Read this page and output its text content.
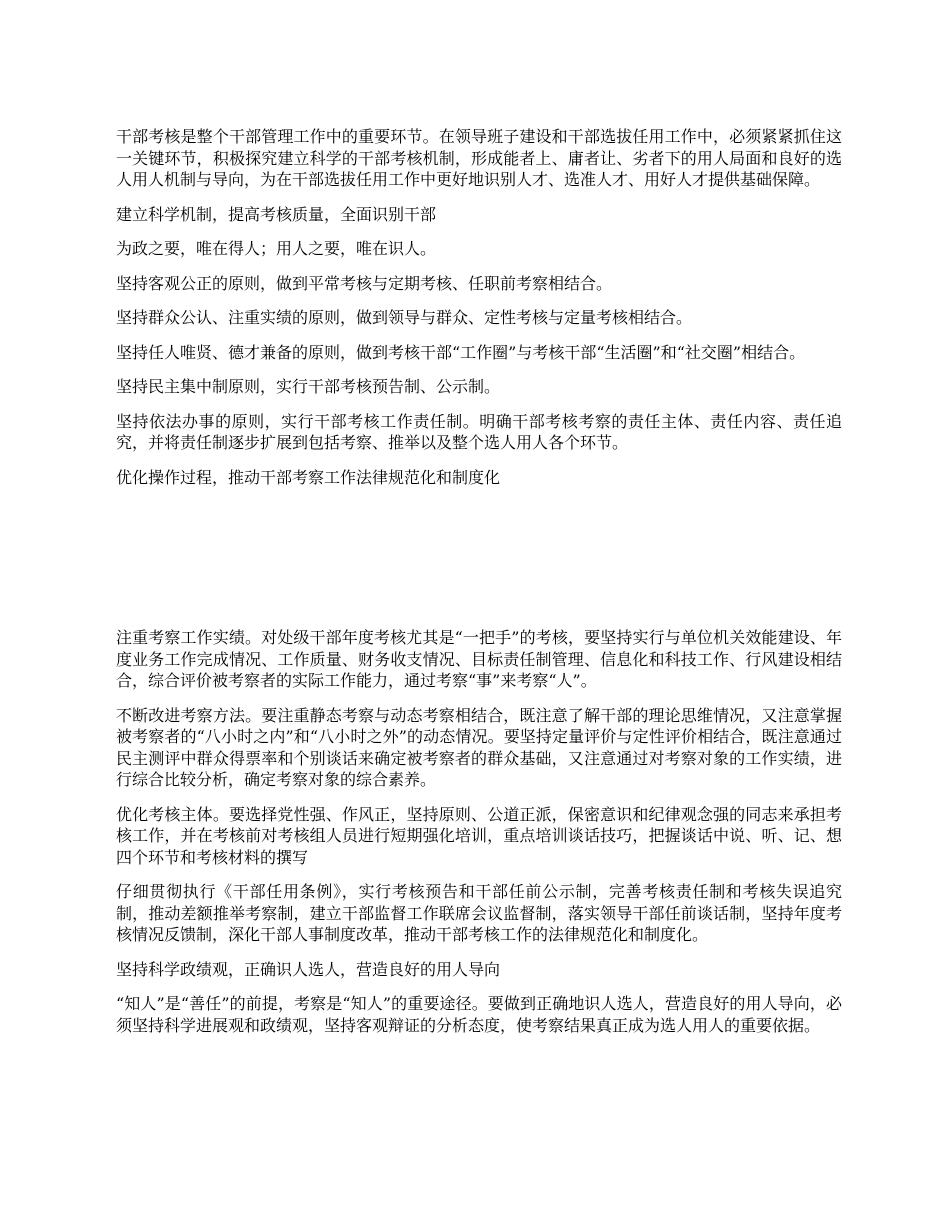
干部考核是整个干部管理工作中的重要环节。在领导班子建设和干部选拔任用工作中，必须紧紧抓住这一关键环节，积极探究建立科学的干部考核机制，形成能者上、庸者让、劣者下的用人局面和良好的选人用人机制与导向，为在干部选拔任用工作中更好地识别人才、选准人才、用好人才提供基础保障。

建立科学机制，提高考核质量，全面识别干部

为政之要，唯在得人；用人之要，唯在识人。

坚持客观公正的原则，做到平常考核与定期考核、任职前考察相结合。

坚持群众公认、注重实绩的原则，做到领导与群众、定性考核与定量考核相结合。

坚持任人唯贤、德才兼备的原则，做到考核干部“工作圈”与考核干部“生活圈”和“社交圈”相结合。

坚持民主集中制原则，实行干部考核预告制、公示制。

坚持依法办事的原则，实行干部考核工作责任制。明确干部考核考察的责任主体、责任内容、责任追究，并将责任制逐步扩展到包括考察、推举以及整个选人用人各个环节。

优化操作过程，推动干部考察工作法律规范化和制度化

注重考察工作实绩。对处级干部年度考核尤其是“一把手”的考核，要坚持实行与单位机关效能建设、年度业务工作完成情况、工作质量、财务收支情况、目标责任制管理、信息化和科技工作、行风建设相结合，综合评价被考察者的实际工作能力，通过考察“事”来考察“人”。

不断改进考察方法。要注重静态考察与动态考察相结合，既注意了解干部的理论思维情况，又注意掌握被考察者的“八小时之内”和“八小时之外”的动态情况。要坚持定量评价与定性评价相结合，既注意通过民主测评中群众得票率和个别谈话来确定被考察者的群众基础，又注意通过对考察对象的工作实绩，进行综合比较分析，确定考察对象的综合素养。

优化考核主体。要选择党性强、作风正，坚持原则、公道正派，保密意识和纪律观念强的同志来承担考核工作，并在考核前对考核组人员进行短期强化培训，重点培训谈话技巧，把握谈话中说、听、记、想四个环节和考核材料的撰写

仔细贯彻执行《干部任用条例》，实行考核预告和干部任前公示制，完善考核责任制和考核失误追究制，推动差额推举考察制，建立干部监督工作联席会议监督制，落实领导干部任前谈话制，坚持年度考核情况反馈制，深化干部人事制度改革，推动干部考核工作的法律规范化和制度化。

坚持科学政绩观，正确识人选人，营造良好的用人导向

“知人”是“善任”的前提，考察是“知人”的重要途径。要做到正确地识人选人，营造良好的用人导向，必须坚持科学进展观和政绩观，坚持客观辩证的分析态度，使考察结果真正成为选人用人的重要依据。
